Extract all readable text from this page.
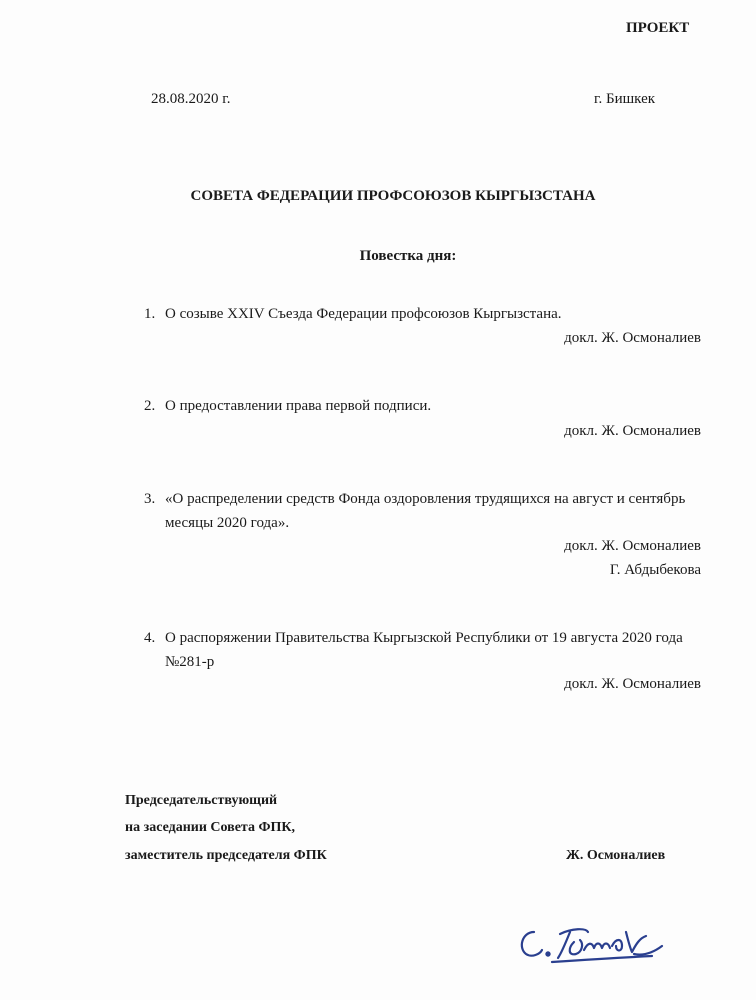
ПРОЕКТ
28.08.2020 г.	г. Бишкек
СОВЕТА ФЕДЕРАЦИИ ПРОФСОЮЗОВ КЫРГЫЗСТАНА
Повестка дня:
1. О созыве XXIV Съезда Федерации профсоюзов Кыргызстана.
докл. Ж. Осмоналиев
2. О предоставлении права первой подписи.
докл. Ж. Осмоналиев
3. «О распределении средств Фонда оздоровления трудящихся на август и сентябрь месяцы 2020 года».
докл. Ж. Осмоналиев
Г. Абдыбекова
4. О распоряжении Правительства Кыргызской Республики от 19 августа 2020 года №281-р
докл. Ж. Осмоналиев
Председательствующий
на заседании Совета ФПК,
заместитель председателя ФПК	Ж. Осмоналиев
